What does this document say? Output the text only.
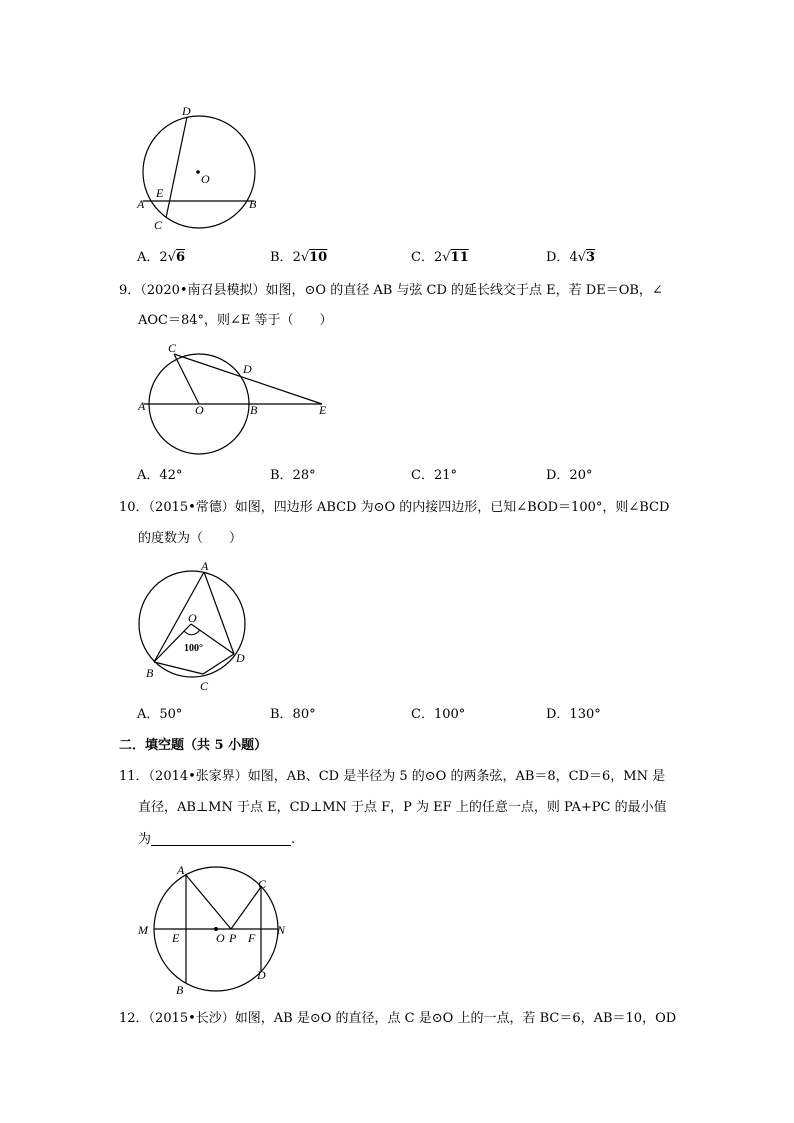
D
O
E
A	B
C
A．2√6	B．2√10	C．2√11	D．4√3
9．（2020•南召县模拟）如图，⊙O 的直径 AB 与弦 CD 的延长线交于点 E，若 DE＝OB，∠
AOC＝84°，则∠E 等于（　　）
C
D
A	O	B	E
A．42°	B．28°	C．21°	D．20°
10．（2015•常德）如图，四边形 ABCD 为⊙O 的内接四边形，已知∠BOD＝100°，则∠BCD
的度数为（　　）
A
O
100°
B
C
D
A．50°	B．80°	C．100°	D．130°
二．填空题（共 5 小题）
11．（2014•张家界）如图，AB、CD 是半径为 5 的⊙O 的两条弦，AB＝8，CD＝6，MN 是
直径，AB⊥MN 于点 E，CD⊥MN 于点 F，P 为 EF 上的任意一点，则 PA+PC 的最小值
为	.
A
C
M
E	O P F
N
B
D
12．（2015•长沙）如图，AB 是⊙O 的直径，点 C 是⊙O 上的一点，若 BC＝6，AB＝10，OD
